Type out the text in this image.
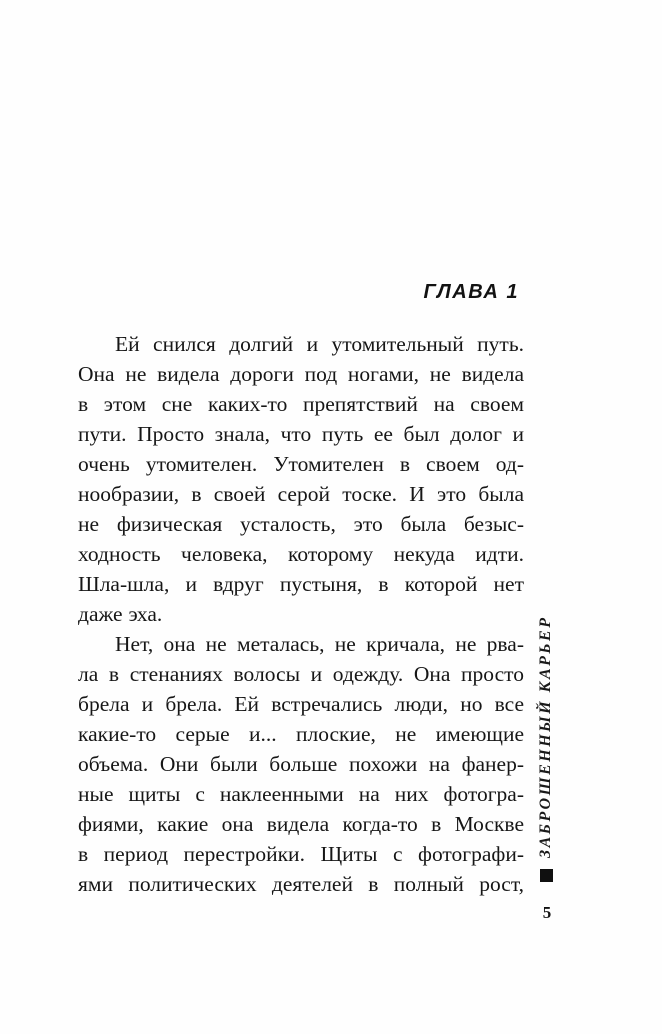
ГЛАВА 1
Ей снился долгий и утомительный путь.
Она не видела дороги под ногами, не видела
в этом сне каких-то препятствий на своем
пути. Просто знала, что путь ее был долог и
очень утомителен. Утомителен в своем од-
нообразии, в своей серой тоске. И это была
не физическая усталость, это была безыс-
ходность человека, которому некуда идти.
Шла-шла, и вдруг пустыня, в которой нет
даже эха.
Нет, она не металась, не кричала, не рва-
ла в стенаниях волосы и одежду. Она просто
брела и брела. Ей встречались люди, но все
какие-то серые и... плоские, не имеющие
объема. Они были больше похожи на фанер-
ные щиты с наклеенными на них фотогра-
фиями, какие она видела когда-то в Москве
в период перестройки. Щиты с фотографи-
ями политических деятелей в полный рост,
ЗАБРОШЕННЫЙ КАРЬЕР
5
